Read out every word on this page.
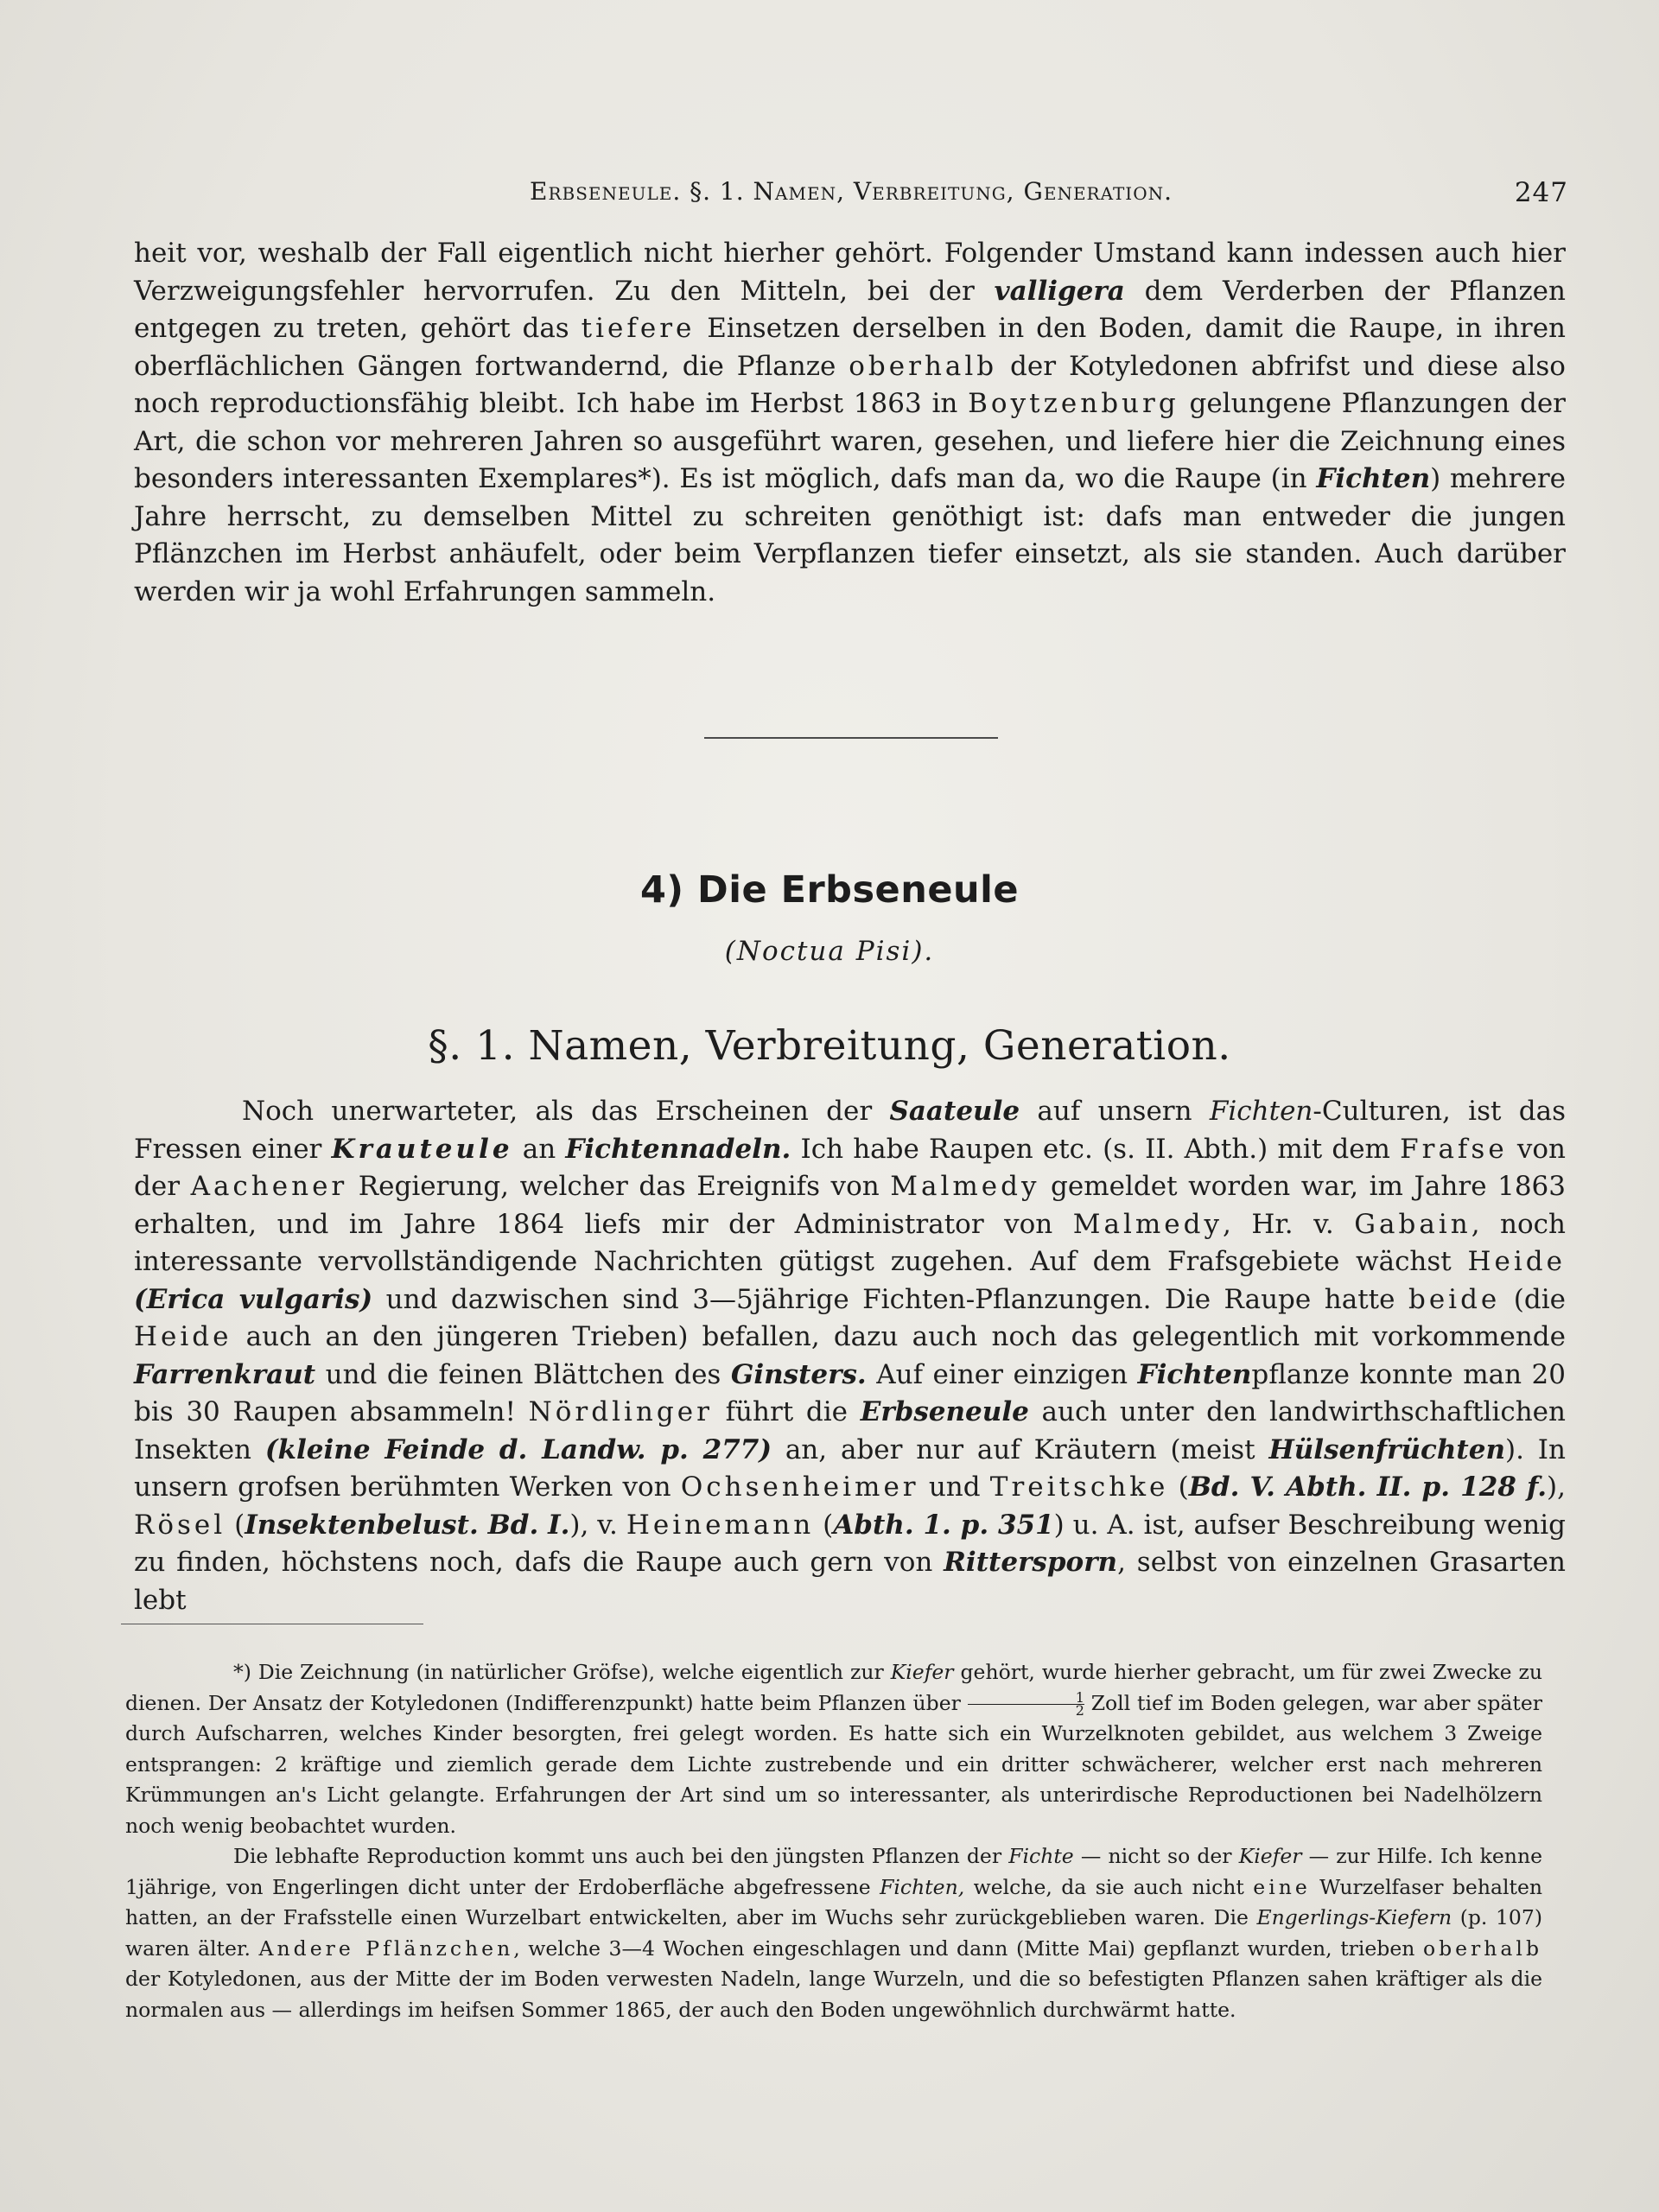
Erbseneule. §. 1. Namen, Verbreitung, Generation.	247

heit vor, weshalb der Fall eigentlich nicht hierher gehört. Folgender Umstand kann indessen auch hier Verzweigungsfehler hervorrufen. Zu den Mitteln, bei der valligera dem Verderben der Pflanzen entgegen zu treten, gehört das tiefere Einsetzen derselben in den Boden, damit die Raupe, in ihren oberflächlichen Gängen fortwandernd, die Pflanze oberhalb der Kotyledonen abfrifst und diese also noch reproductionsfähig bleibt. Ich habe im Herbst 1863 in Boytzenburg gelungene Pflanzungen der Art, die schon vor mehreren Jahren so ausgeführt waren, gesehen, und liefere hier die Zeichnung eines besonders interessanten Exemplares*). Es ist möglich, dafs man da, wo die Raupe (in Fichten) mehrere Jahre herrscht, zu demselben Mittel zu schreiten genöthigt ist: dafs man entweder die jungen Pflänzchen im Herbst anhäufelt, oder beim Verpflanzen tiefer einsetzt, als sie standen. Auch darüber werden wir ja wohl Erfahrungen sammeln.

4) Die Erbseneule
(Noctua Pisi).
§. 1. Namen, Verbreitung, Generation.

Noch unerwarteter, als das Erscheinen der Saateule auf unsern Fichten-Culturen, ist das Fressen einer Krauteule an Fichtennadeln. Ich habe Raupen etc. (s. II. Abth.) mit dem Frafse von der Aachener Regierung, welcher das Ereignifs von Malmedy gemeldet worden war, im Jahre 1863 erhalten, und im Jahre 1864 liefs mir der Administrator von Malmedy, Hr. v. Gabain, noch interessante vervollständigende Nachrichten gütigst zugehen. Auf dem Frafsgebiete wächst Heide (Erica vulgaris) und dazwischen sind 3—5jährige Fichten-Pflanzungen. Die Raupe hatte beide (die Heide auch an den jüngeren Trieben) befallen, dazu auch noch das gelegentlich mit vorkommende Farrenkraut und die feinen Blättchen des Ginsters. Auf einer einzigen Fichtenpflanze konnte man 20 bis 30 Raupen absammeln! Nördlinger führt die Erbseneule auch unter den landwirthschaftlichen Insekten (kleine Feinde d. Landw. p. 277) an, aber nur auf Kräutern (meist Hülsenfrüchten). In unsern grofsen berühmten Werken von Ochsenheimer und Treitschke (Bd. V. Abth. II. p. 128 f.), Rösel (Insektenbelust. Bd. I.), v. Heinemann (Abth. 1. p. 351) u. A. ist, aufser Beschreibung wenig zu finden, höchstens noch, dafs die Raupe auch gern von Rittersporn, selbst von einzelnen Grasarten lebt

*) Die Zeichnung (in natürlicher Gröfse), welche eigentlich zur Kiefer gehört, wurde hierher gebracht, um für zwei Zwecke zu dienen. Der Ansatz der Kotyledonen (Indifferenzpunkt) hatte beim Pflanzen über $\frac{1}{2}$ Zoll tief im Boden gelegen, war aber später durch Aufscharren, welches Kinder besorgten, frei gelegt worden. Es hatte sich ein Wurzelknoten gebildet, aus welchem 3 Zweige entsprangen: 2 kräftige und ziemlich gerade dem Lichte zustrebende und ein dritter schwächerer, welcher erst nach mehreren Krümmungen an's Licht gelangte. Erfahrungen der Art sind um so interessanter, als unterirdische Reproductionen bei Nadelhölzern noch wenig beobachtet wurden.

Die lebhafte Reproduction kommt uns auch bei den jüngsten Pflanzen der Fichte — nicht so der Kiefer — zur Hilfe. Ich kenne 1jährige, von Engerlingen dicht unter der Erdoberfläche abgefressene Fichten, welche, da sie auch nicht eine Wurzelfaser behalten hatten, an der Frafsstelle einen Wurzelbart entwickelten, aber im Wuchs sehr zurückgeblieben waren. Die Engerlings-Kiefern (p. 107) waren älter. Andere Pflänzchen, welche 3—4 Wochen eingeschlagen und dann (Mitte Mai) gepflanzt wurden, trieben oberhalb der Kotyledonen, aus der Mitte der im Boden verwesten Nadeln, lange Wurzeln, und die so befestigten Pflanzen sahen kräftiger als die normalen aus — allerdings im heifsen Sommer 1865, der auch den Boden ungewöhnlich durchwärmt hatte.
